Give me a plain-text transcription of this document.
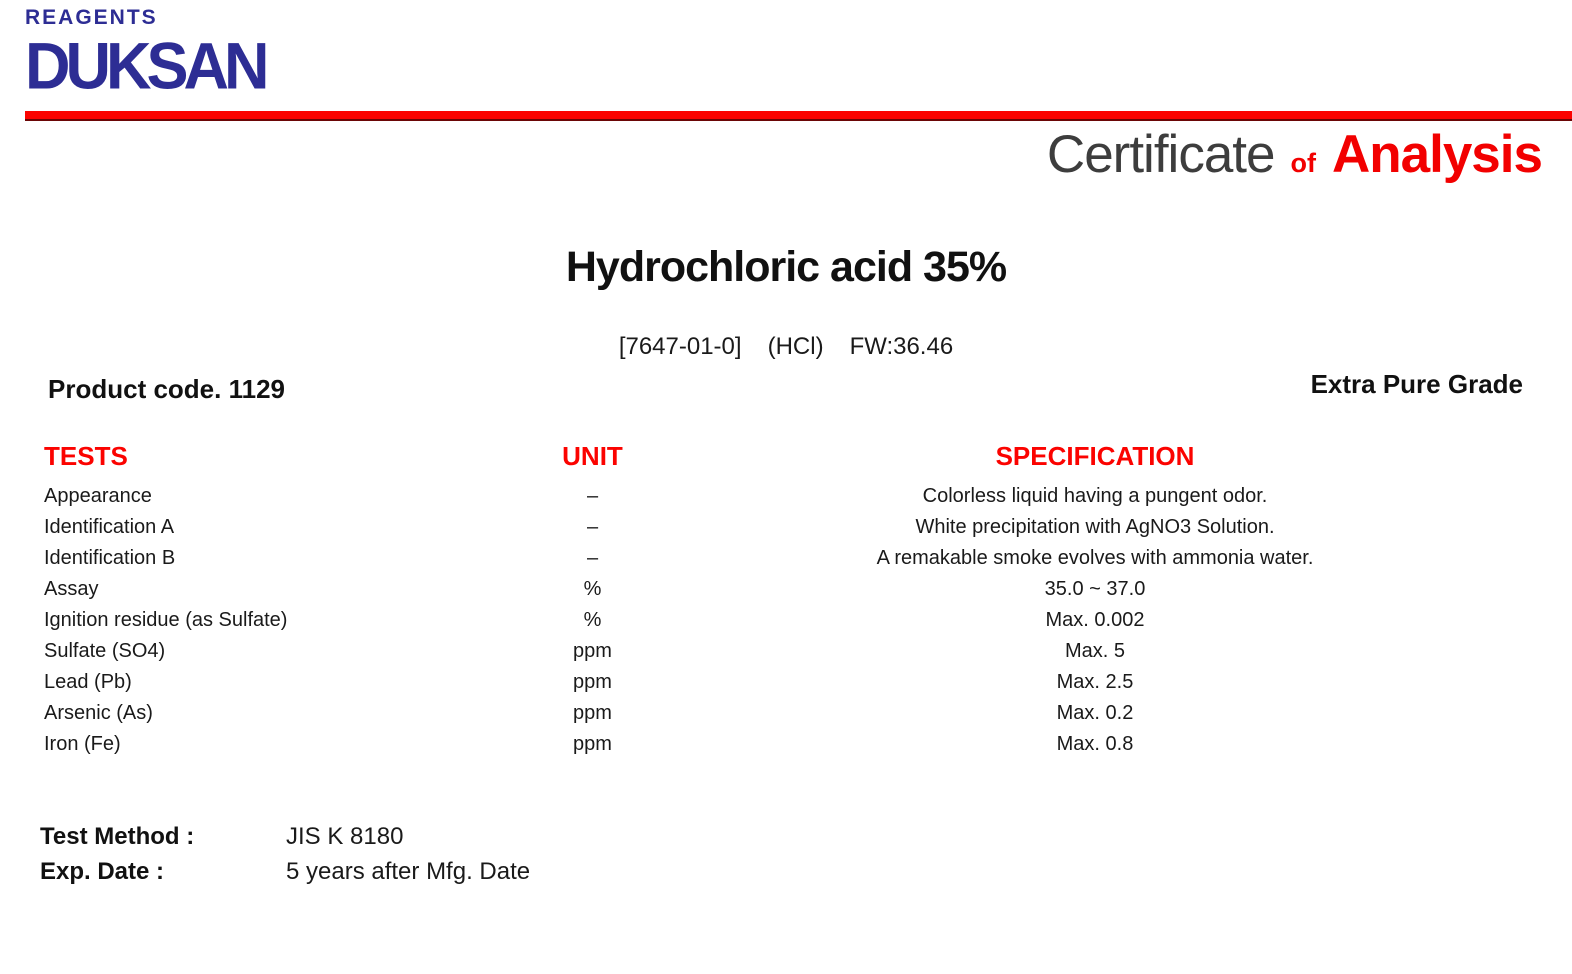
REAGENTS
DUKSAN
Certificate of Analysis
Hydrochloric acid 35%
[7647-01-0] (HCl) FW:36.46
Product code. 1129	Extra Pure Grade
TESTS	UNIT	SPECIFICATION
Appearance	–	Colorless liquid having a pungent odor.
Identification A	–	White precipitation with AgNO3 Solution.
Identification B	–	A remakable smoke evolves with ammonia water.
Assay	%	35.0 ~ 37.0
Ignition residue (as Sulfate)	%	Max. 0.002
Sulfate (SO4)	ppm	Max. 5
Lead (Pb)	ppm	Max. 2.5
Arsenic (As)	ppm	Max. 0.2
Iron (Fe)	ppm	Max. 0.8
Test Method :	JIS K 8180
Exp. Date :	5 years after Mfg. Date
